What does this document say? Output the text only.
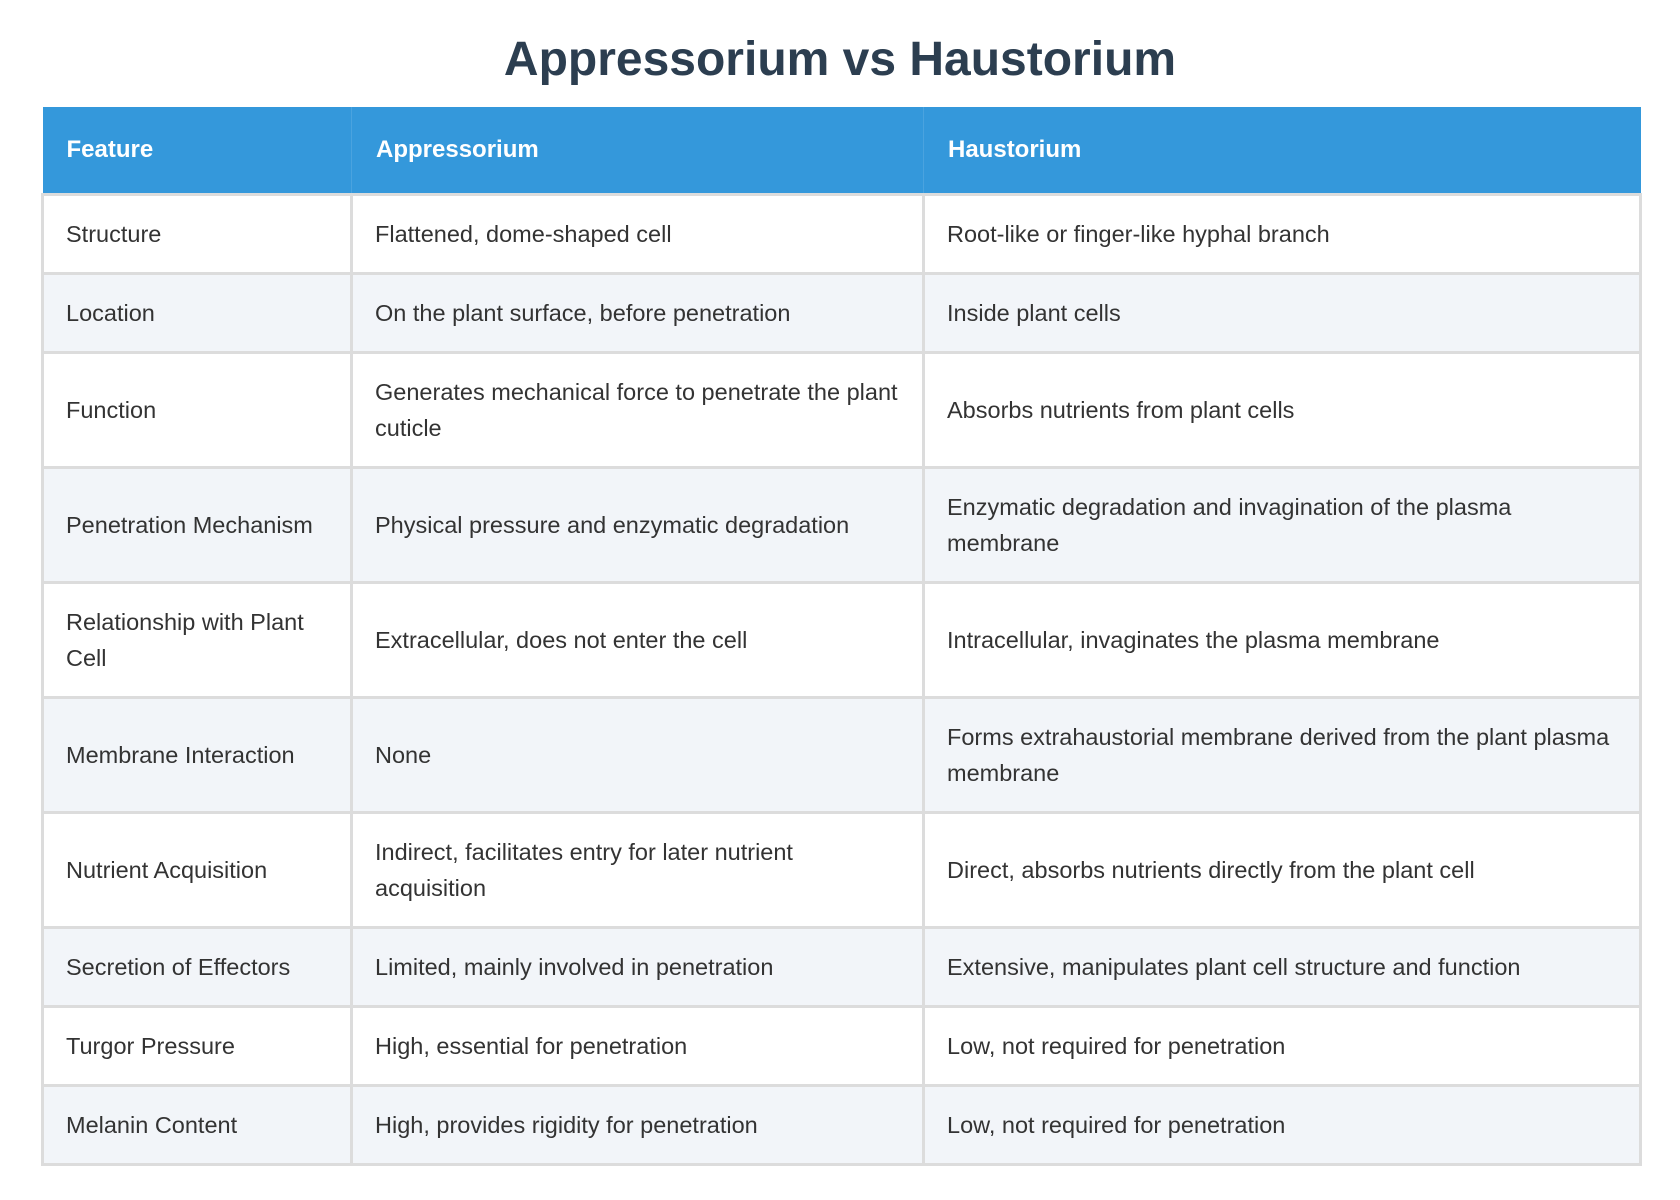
Appressorium vs Haustorium
Feature	Appressorium	Haustorium
Structure	Flattened, dome-shaped cell	Root-like or finger-like hyphal branch
Location	On the plant surface, before penetration	Inside plant cells
Function	Generates mechanical force to penetrate the plant cuticle	Absorbs nutrients from plant cells
Penetration Mechanism	Physical pressure and enzymatic degradation	Enzymatic degradation and invagination of the plasma membrane
Relationship with Plant Cell	Extracellular, does not enter the cell	Intracellular, invaginates the plasma membrane
Membrane Interaction	None	Forms extrahaustorial membrane derived from the plant plasma membrane
Nutrient Acquisition	Indirect, facilitates entry for later nutrient acquisition	Direct, absorbs nutrients directly from the plant cell
Secretion of Effectors	Limited, mainly involved in penetration	Extensive, manipulates plant cell structure and function
Turgor Pressure	High, essential for penetration	Low, not required for penetration
Melanin Content	High, provides rigidity for penetration	Low, not required for penetration
